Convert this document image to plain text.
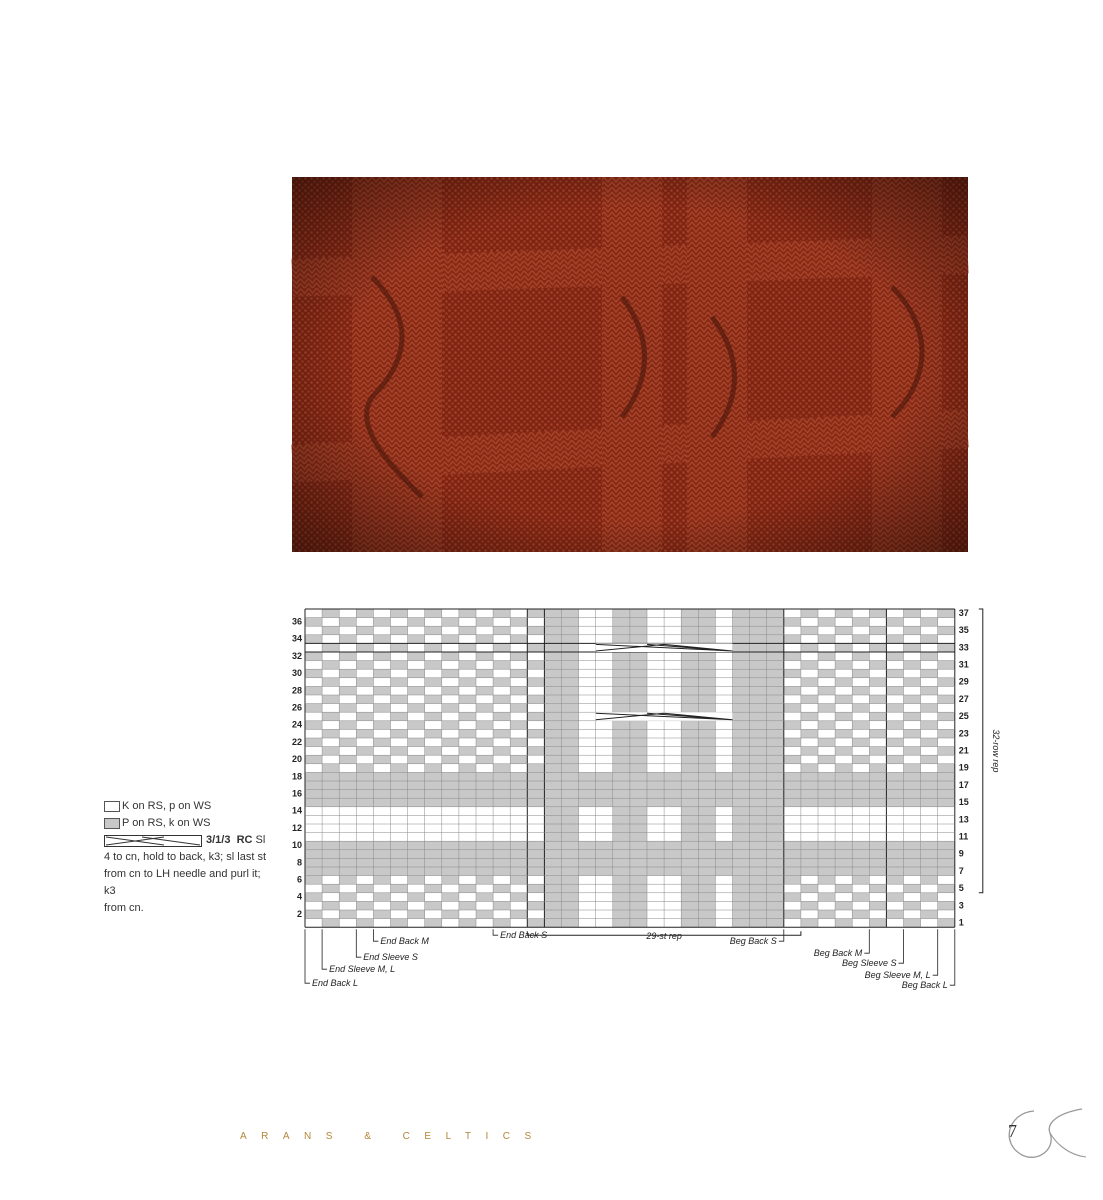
36
34
32
30
28
26
24
22
20
18
16
14
12
10
8
6
4
2
37
35
33
31
29
27
25
23
21
19
17
15
13
11
9
7
5
3
1
32-row rep
29-st rep
End Back M
End Back S
End Sleeve S
End Sleeve M, L
End Back L
Beg Back S
Beg Back M
Beg Sleeve S
Beg Sleeve M, L
Beg Back L
K on RS, p on WS
P on RS, k on WS
3/1/3
RC
Sl
4 to cn, hold to back, k3; sl last st
from cn to LH needle and purl it; k3
from cn.
ARANS & CELTICS	7
